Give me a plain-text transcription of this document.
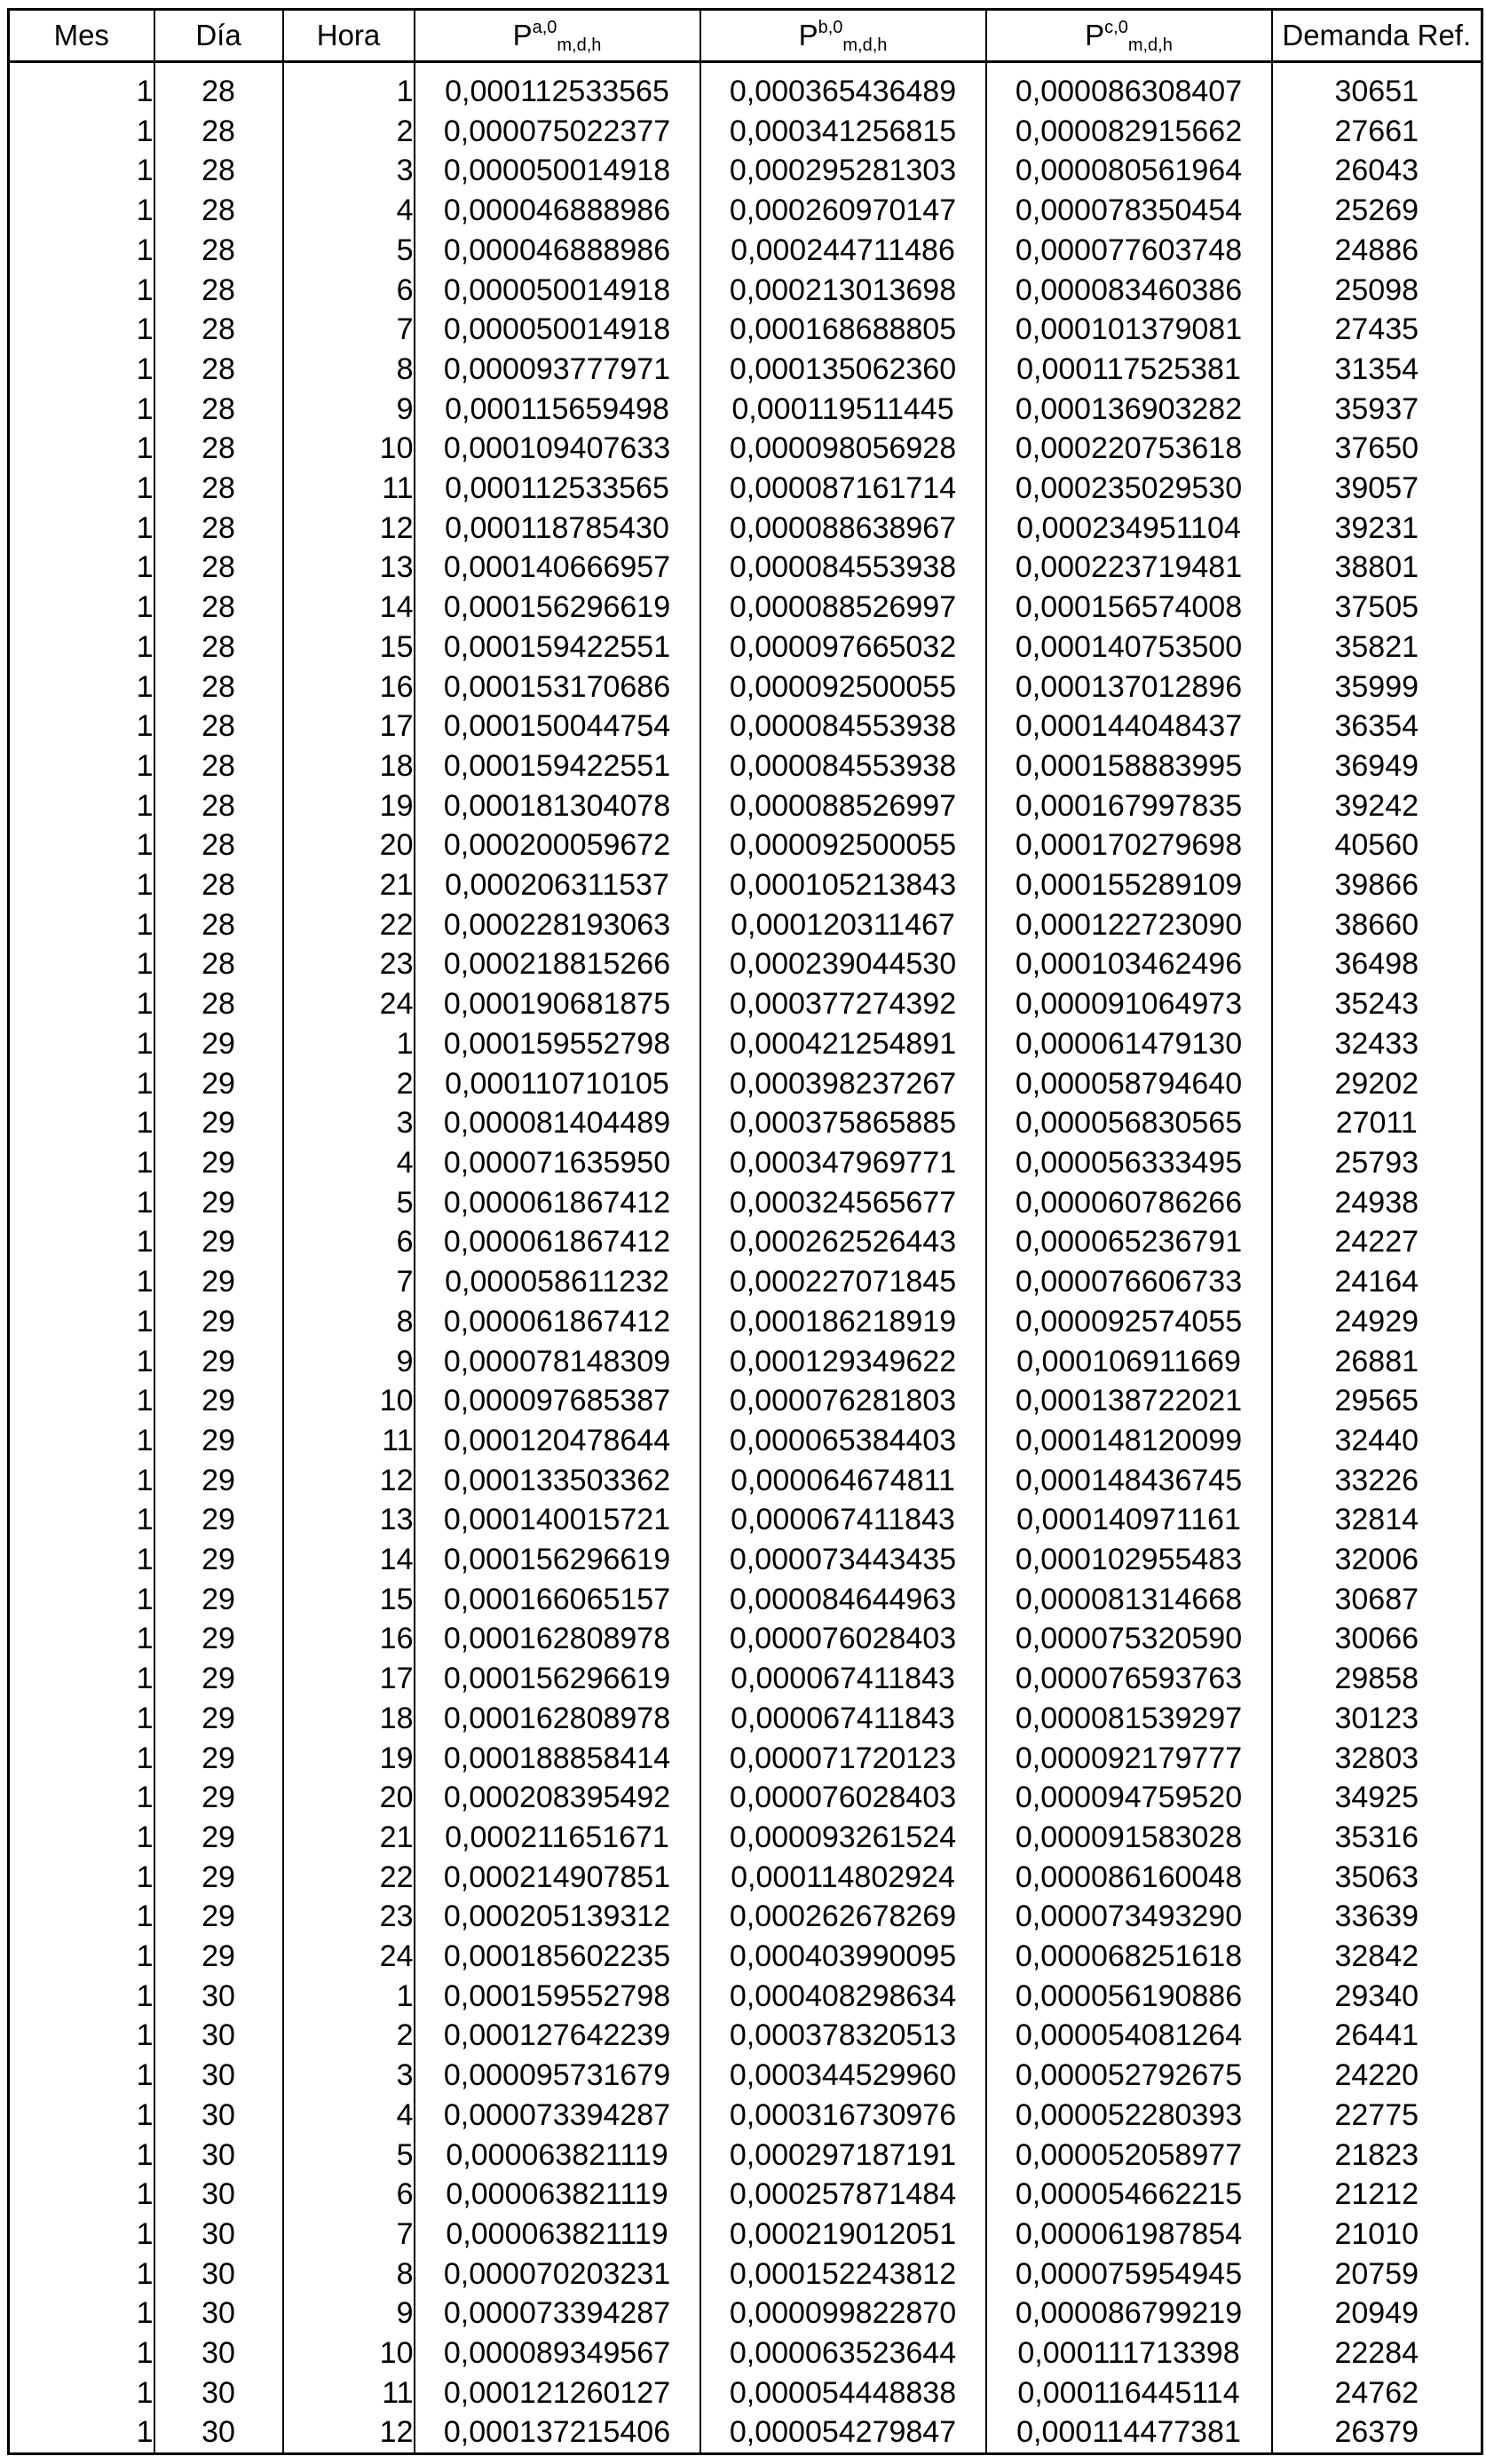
Mes	Día	Hora	P$^{a,0}_{m,d,h}$	P$^{b,0}_{m,d,h}$	P$^{c,0}_{m,d,h}$	Demanda Ref.
1	28	1	0,000112533565	0,000365436489	0,000086308407	30651
1	28	2	0,000075022377	0,000341256815	0,000082915662	27661
1	28	3	0,000050014918	0,000295281303	0,000080561964	26043
1	28	4	0,000046888986	0,000260970147	0,000078350454	25269
1	28	5	0,000046888986	0,000244711486	0,000077603748	24886
1	28	6	0,000050014918	0,000213013698	0,000083460386	25098
1	28	7	0,000050014918	0,000168688805	0,000101379081	27435
1	28	8	0,000093777971	0,000135062360	0,000117525381	31354
1	28	9	0,000115659498	0,000119511445	0,000136903282	35937
1	28	10	0,000109407633	0,000098056928	0,000220753618	37650
1	28	11	0,000112533565	0,000087161714	0,000235029530	39057
1	28	12	0,000118785430	0,000088638967	0,000234951104	39231
1	28	13	0,000140666957	0,000084553938	0,000223719481	38801
1	28	14	0,000156296619	0,000088526997	0,000156574008	37505
1	28	15	0,000159422551	0,000097665032	0,000140753500	35821
1	28	16	0,000153170686	0,000092500055	0,000137012896	35999
1	28	17	0,000150044754	0,000084553938	0,000144048437	36354
1	28	18	0,000159422551	0,000084553938	0,000158883995	36949
1	28	19	0,000181304078	0,000088526997	0,000167997835	39242
1	28	20	0,000200059672	0,000092500055	0,000170279698	40560
1	28	21	0,000206311537	0,000105213843	0,000155289109	39866
1	28	22	0,000228193063	0,000120311467	0,000122723090	38660
1	28	23	0,000218815266	0,000239044530	0,000103462496	36498
1	28	24	0,000190681875	0,000377274392	0,000091064973	35243
1	29	1	0,000159552798	0,000421254891	0,000061479130	32433
1	29	2	0,000110710105	0,000398237267	0,000058794640	29202
1	29	3	0,000081404489	0,000375865885	0,000056830565	27011
1	29	4	0,000071635950	0,000347969771	0,000056333495	25793
1	29	5	0,000061867412	0,000324565677	0,000060786266	24938
1	29	6	0,000061867412	0,000262526443	0,000065236791	24227
1	29	7	0,000058611232	0,000227071845	0,000076606733	24164
1	29	8	0,000061867412	0,000186218919	0,000092574055	24929
1	29	9	0,000078148309	0,000129349622	0,000106911669	26881
1	29	10	0,000097685387	0,000076281803	0,000138722021	29565
1	29	11	0,000120478644	0,000065384403	0,000148120099	32440
1	29	12	0,000133503362	0,000064674811	0,000148436745	33226
1	29	13	0,000140015721	0,000067411843	0,000140971161	32814
1	29	14	0,000156296619	0,000073443435	0,000102955483	32006
1	29	15	0,000166065157	0,000084644963	0,000081314668	30687
1	29	16	0,000162808978	0,000076028403	0,000075320590	30066
1	29	17	0,000156296619	0,000067411843	0,000076593763	29858
1	29	18	0,000162808978	0,000067411843	0,000081539297	30123
1	29	19	0,000188858414	0,000071720123	0,000092179777	32803
1	29	20	0,000208395492	0,000076028403	0,000094759520	34925
1	29	21	0,000211651671	0,000093261524	0,000091583028	35316
1	29	22	0,000214907851	0,000114802924	0,000086160048	35063
1	29	23	0,000205139312	0,000262678269	0,000073493290	33639
1	29	24	0,000185602235	0,000403990095	0,000068251618	32842
1	30	1	0,000159552798	0,000408298634	0,000056190886	29340
1	30	2	0,000127642239	0,000378320513	0,000054081264	26441
1	30	3	0,000095731679	0,000344529960	0,000052792675	24220
1	30	4	0,000073394287	0,000316730976	0,000052280393	22775
1	30	5	0,000063821119	0,000297187191	0,000052058977	21823
1	30	6	0,000063821119	0,000257871484	0,000054662215	21212
1	30	7	0,000063821119	0,000219012051	0,000061987854	21010
1	30	8	0,000070203231	0,000152243812	0,000075954945	20759
1	30	9	0,000073394287	0,000099822870	0,000086799219	20949
1	30	10	0,000089349567	0,000063523644	0,000111713398	22284
1	30	11	0,000121260127	0,000054448838	0,000116445114	24762
1	30	12	0,000137215406	0,000054279847	0,000114477381	26379
